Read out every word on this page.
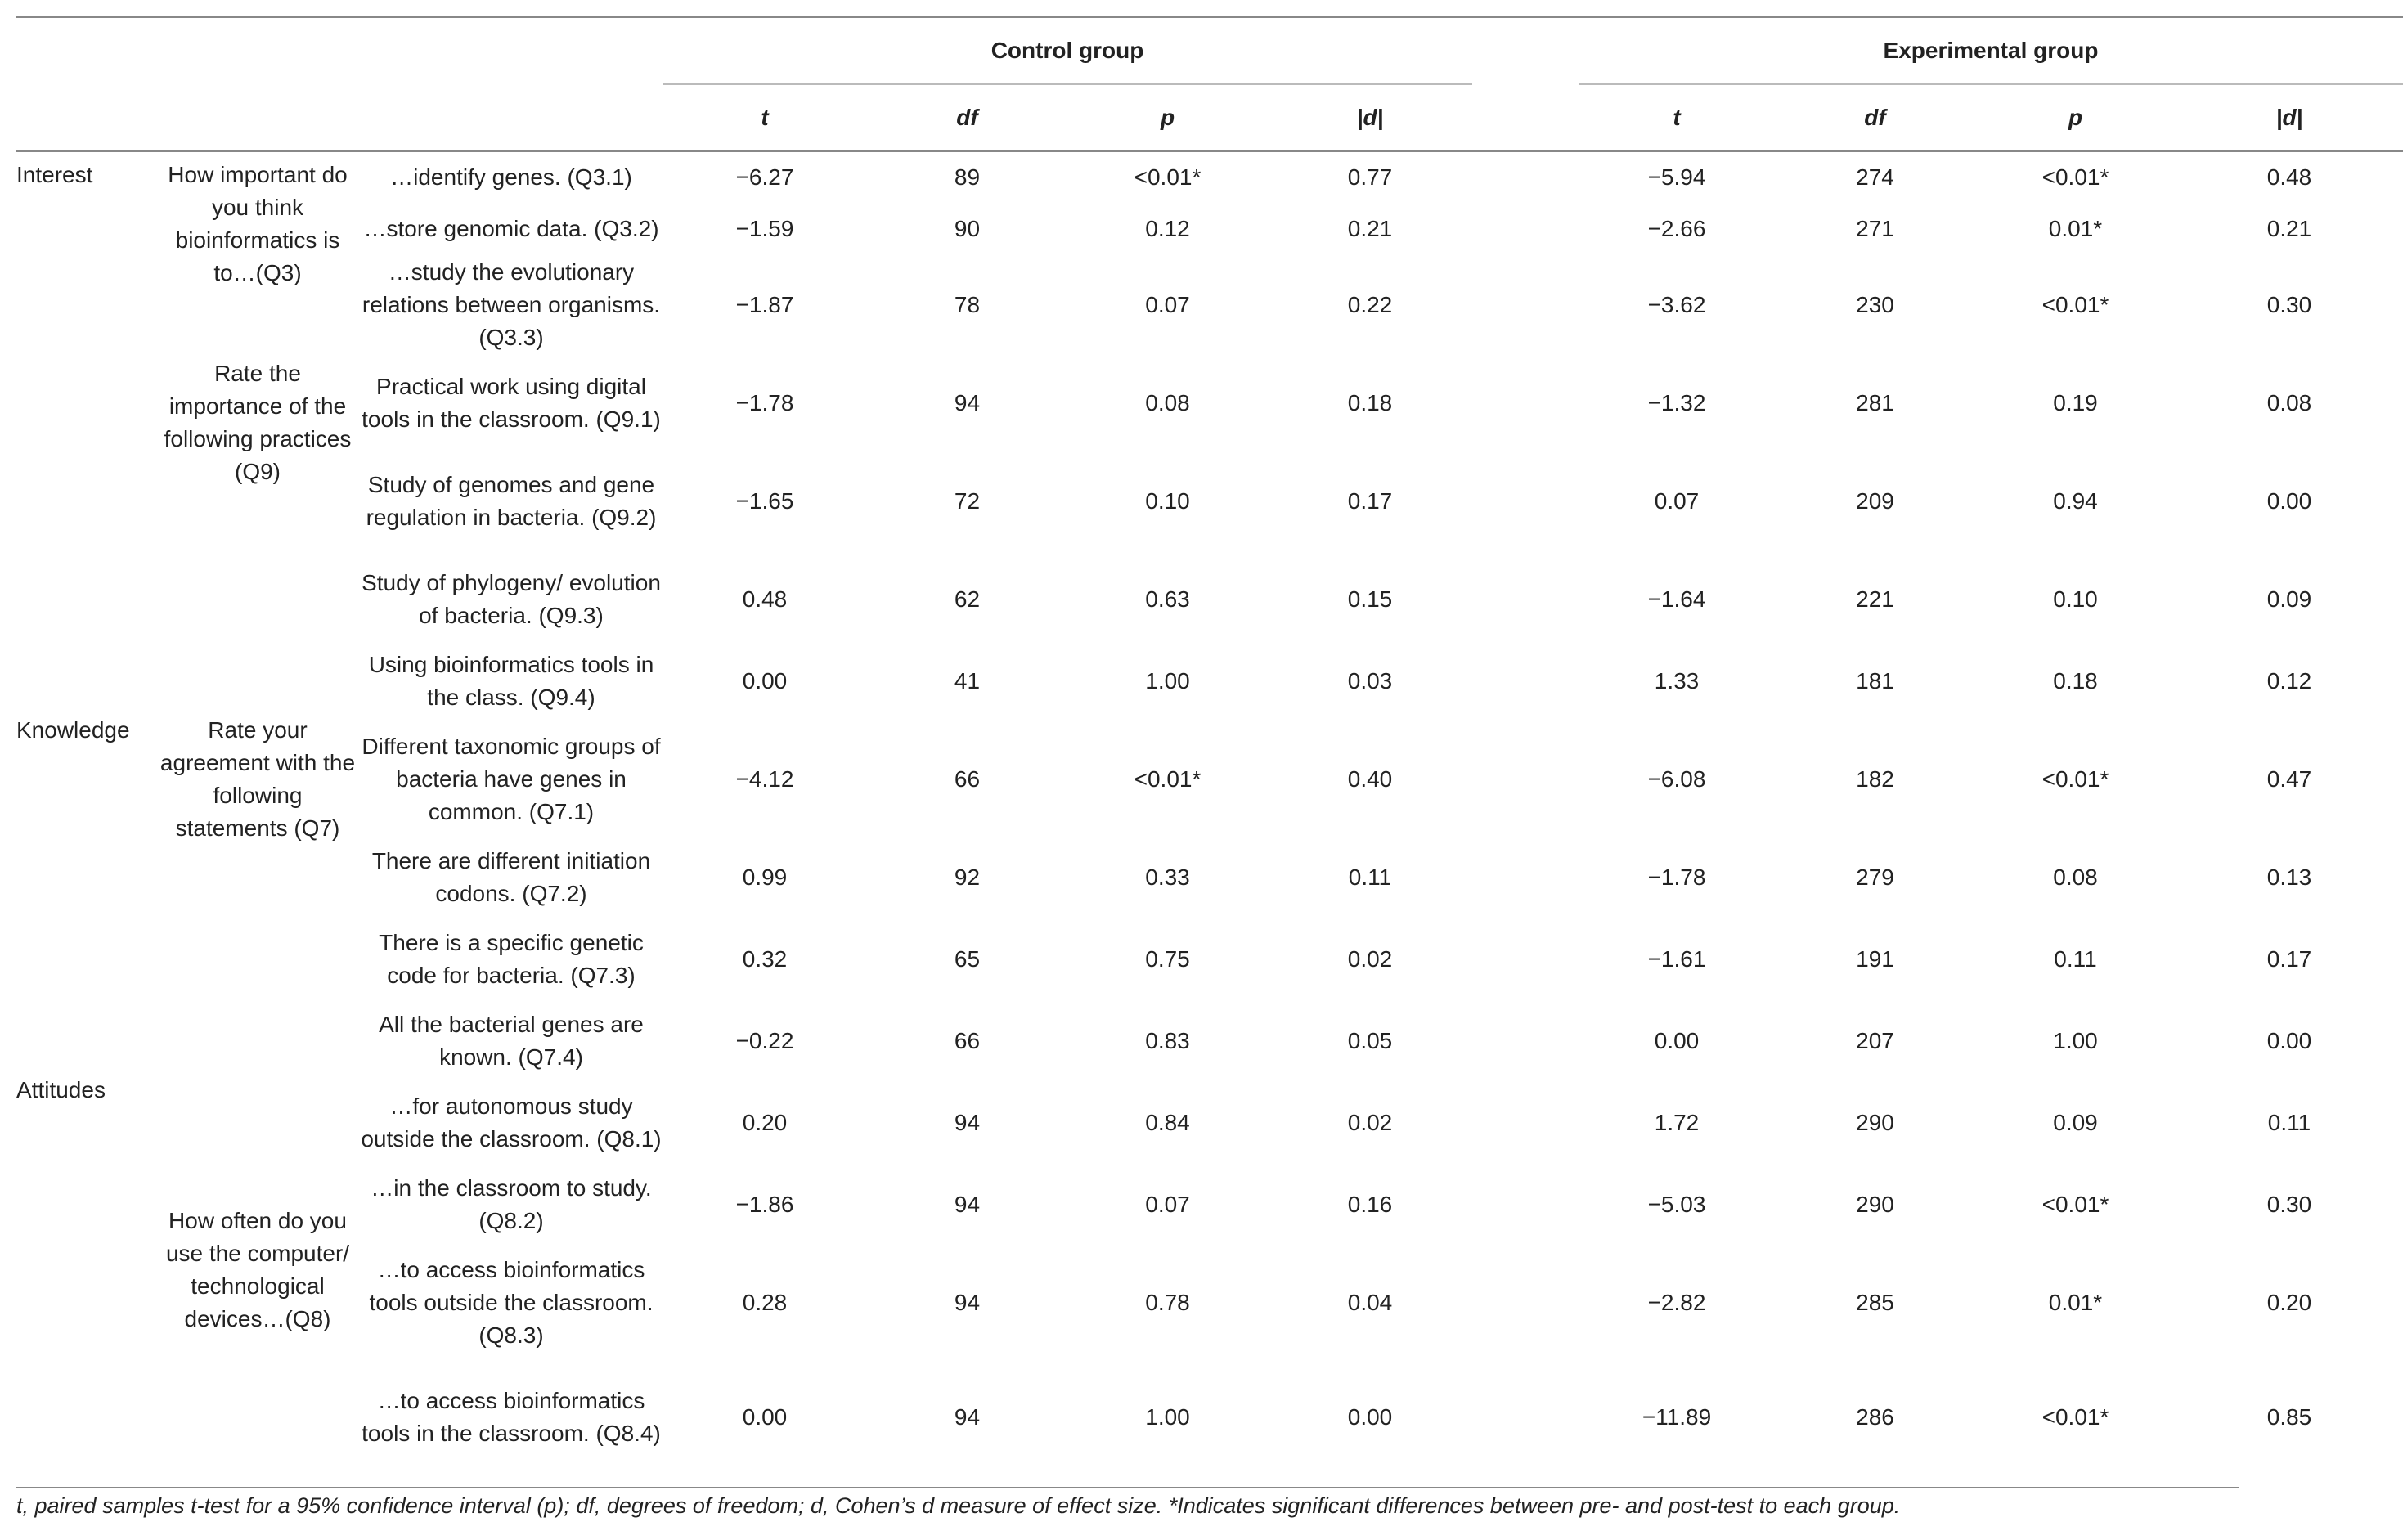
			Control group					Experimental group			

			t	df	p	|d|		t	df	p	|d|
Interest	How important do you think bioinformatics is to…(Q3)	…identify genes. (Q3.1)	−6.27	89	<0.01*	0.77		−5.94	274	<0.01*	0.48
		…store genomic data. (Q3.2)	−1.59	90	0.12	0.21		−2.66	271	0.01*	0.21
		…study the evolutionary relations between organisms. (Q3.3)	−1.87	78	0.07	0.22		−3.62	230	<0.01*	0.30
	Rate the importance of the following practices (Q9)	Practical work using digital tools in the classroom. (Q9.1)	−1.78	94	0.08	0.18		−1.32	281	0.19	0.08
		Study of genomes and gene regulation in bacteria. (Q9.2)	−1.65	72	0.10	0.17		0.07	209	0.94	0.00
		Study of phylogeny/ evolution of bacteria. (Q9.3)	0.48	62	0.63	0.15		−1.64	221	0.10	0.09
		Using bioinformatics tools in the class. (Q9.4)	0.00	41	1.00	0.03		1.33	181	0.18	0.12
Knowledge	Rate your agreement with the following statements (Q7)	Different taxonomic groups of bacteria have genes in common. (Q7.1)	−4.12	66	<0.01*	0.40		−6.08	182	<0.01*	0.47
		There are different initiation codons. (Q7.2)	0.99	92	0.33	0.11		−1.78	279	0.08	0.13
		There is a specific genetic code for bacteria. (Q7.3)	0.32	65	0.75	0.02		−1.61	191	0.11	0.17
		All the bacterial genes are known. (Q7.4)	−0.22	66	0.83	0.05		0.00	207	1.00	0.00
Attitudes		…for autonomous study outside the classroom. (Q8.1)	0.20	94	0.84	0.02		1.72	290	0.09	0.11
	How often do you use the computer/ technological devices…(Q8)	…in the classroom to study. (Q8.2)	−1.86	94	0.07	0.16		−5.03	290	<0.01*	0.30
		…to access bioinformatics tools outside the classroom. (Q8.3)	0.28	94	0.78	0.04		−2.82	285	0.01*	0.20
		…to access bioinformatics tools in the classroom. (Q8.4)	0.00	94	1.00	0.00		−11.89	286	<0.01*	0.85
t, paired samples t-test for a 95% confidence interval (p); df, degrees of freedom; d, Cohen’s d measure of effect size. *Indicates significant differences between pre- and post-test to each group.
